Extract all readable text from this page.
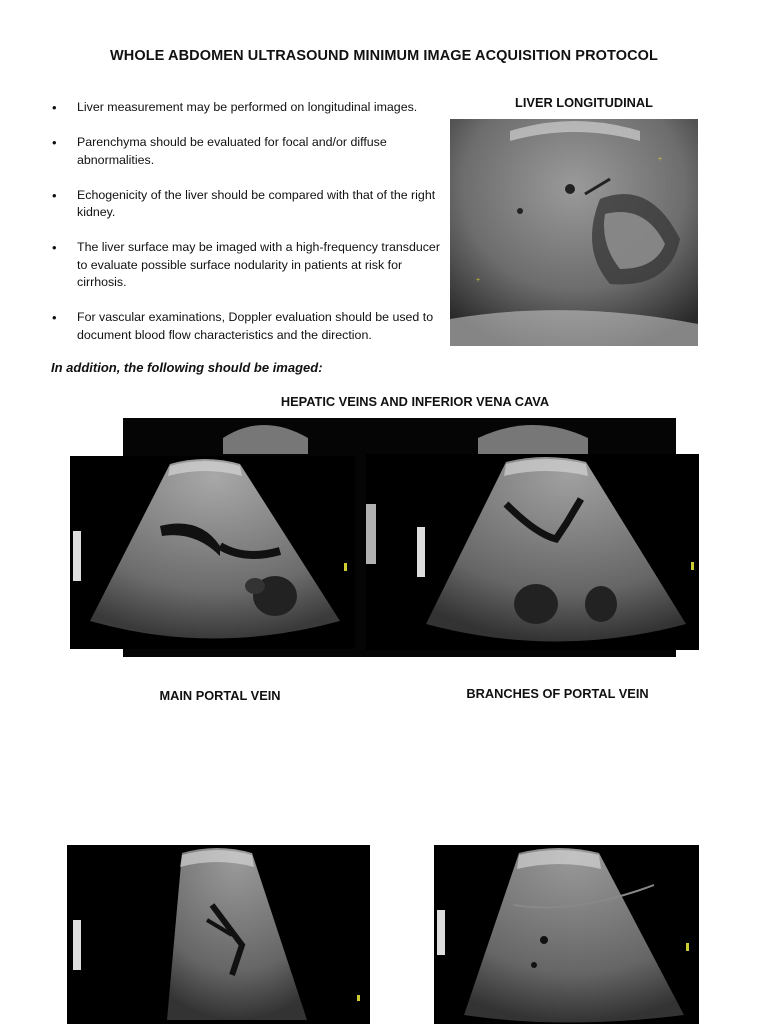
WHOLE ABDOMEN ULTRASOUND MINIMUM IMAGE ACQUISITION PROTOCOL
• Liver measurement may be performed on longitudinal images.
• Parenchyma should be evaluated for focal and/or diffuse abnormalities.
• Echogenicity of the liver should be compared with that of the right kidney.
• The liver surface may be imaged with a high-frequency transducer to evaluate possible surface nodularity in patients at risk for cirrhosis.
• For vascular examinations, Doppler evaluation should be used to document blood flow characteristics and the direction.
In addition, the following should be imaged:
LIVER LONGITUDINAL
HEPATIC VEINS AND INFERIOR VENA CAVA
MAIN PORTAL VEIN	BRANCHES OF PORTAL VEIN
+
+
